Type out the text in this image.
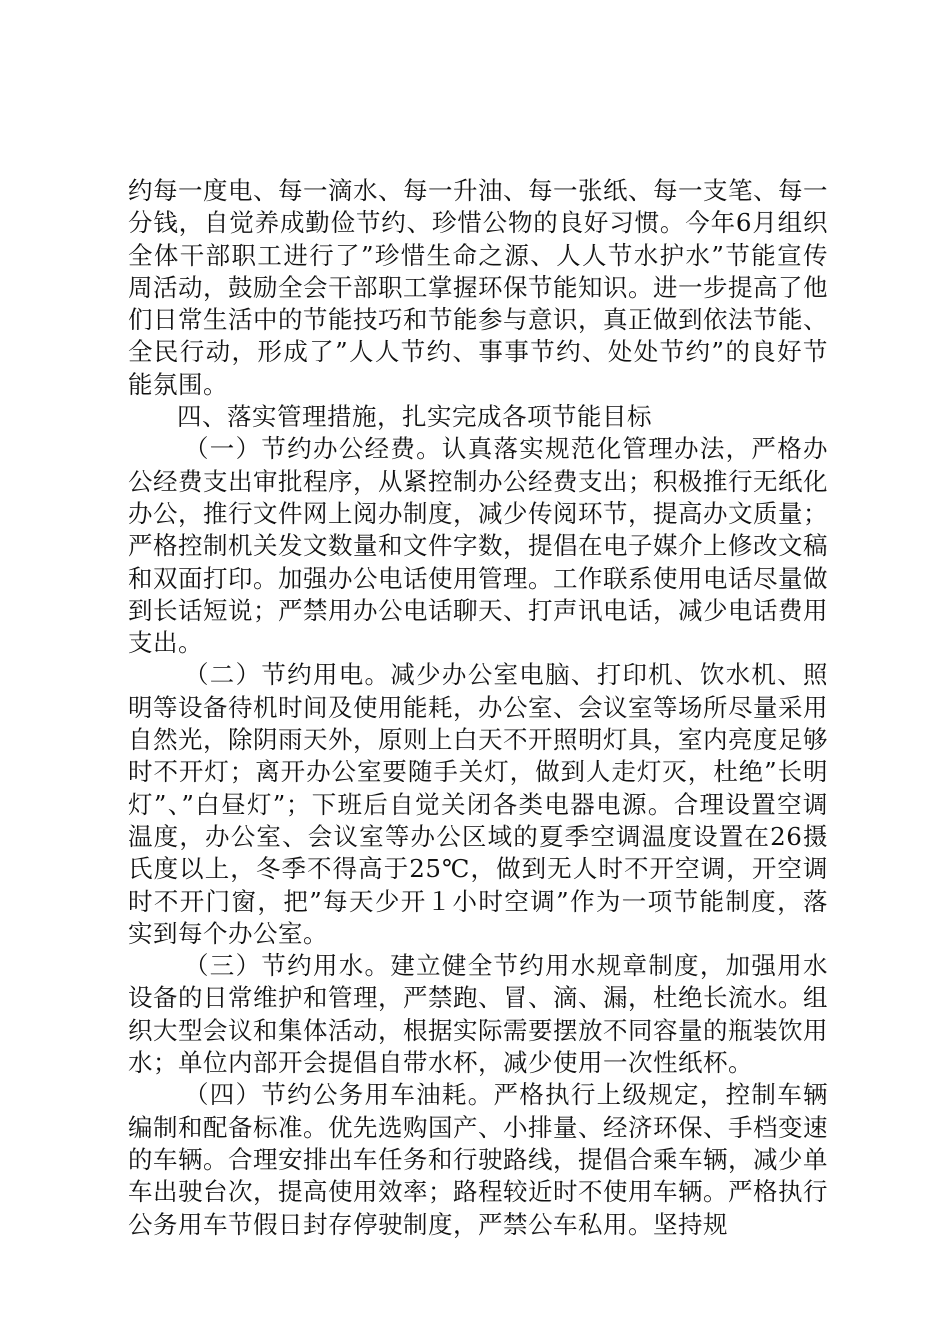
约每一度电、每一滴水、每一升油、每一张纸、每一支笔、每一分钱，自觉养成勤俭节约、珍惜公物的良好习惯。今年6月组织全体干部职工进行了”珍惜生命之源、人人节水护水”节能宣传周活动，鼓励全会干部职工掌握环保节能知识。进一步提高了他们日常生活中的节能技巧和节能参与意识，真正做到依法节能、全民行动，形成了”人人节约、事事节约、处处节约”的良好节能氛围。

四、落实管理措施，扎实完成各项节能目标

（一）节约办公经费。认真落实规范化管理办法，严格办公经费支出审批程序，从紧控制办公经费支出；积极推行无纸化办公，推行文件网上阅办制度，减少传阅环节，提高办文质量；严格控制机关发文数量和文件字数，提倡在电子媒介上修改文稿和双面打印。加强办公电话使用管理。工作联系使用电话尽量做到长话短说；严禁用办公电话聊天、打声讯电话，减少电话费用支出。

（二）节约用电。减少办公室电脑、打印机、饮水机、照明等设备待机时间及使用能耗，办公室、会议室等场所尽量采用自然光，除阴雨天外，原则上白天不开照明灯具，室内亮度足够时不开灯；离开办公室要随手关灯，做到人走灯灭，杜绝”长明灯”、”白昼灯”；下班后自觉关闭各类电器电源。合理设置空调温度，办公室、会议室等办公区域的夏季空调温度设置在26摄氏度以上，冬季不得高于25℃，做到无人时不开空调，开空调时不开门窗，把”每天少开１小时空调”作为一项节能制度，落实到每个办公室。

（三）节约用水。建立健全节约用水规章制度，加强用水设备的日常维护和管理，严禁跑、冒、滴、漏，杜绝长流水。组织大型会议和集体活动，根据实际需要摆放不同容量的瓶装饮用水；单位内部开会提倡自带水杯，减少使用一次性纸杯。

（四）节约公务用车油耗。严格执行上级规定，控制车辆编制和配备标准。优先选购国产、小排量、经济环保、手档变速的车辆。合理安排出车任务和行驶路线，提倡合乘车辆，减少单车出驶台次，提高使用效率；路程较近时不使用车辆。严格执行公务用车节假日封存停驶制度，严禁公车私用。坚持规
